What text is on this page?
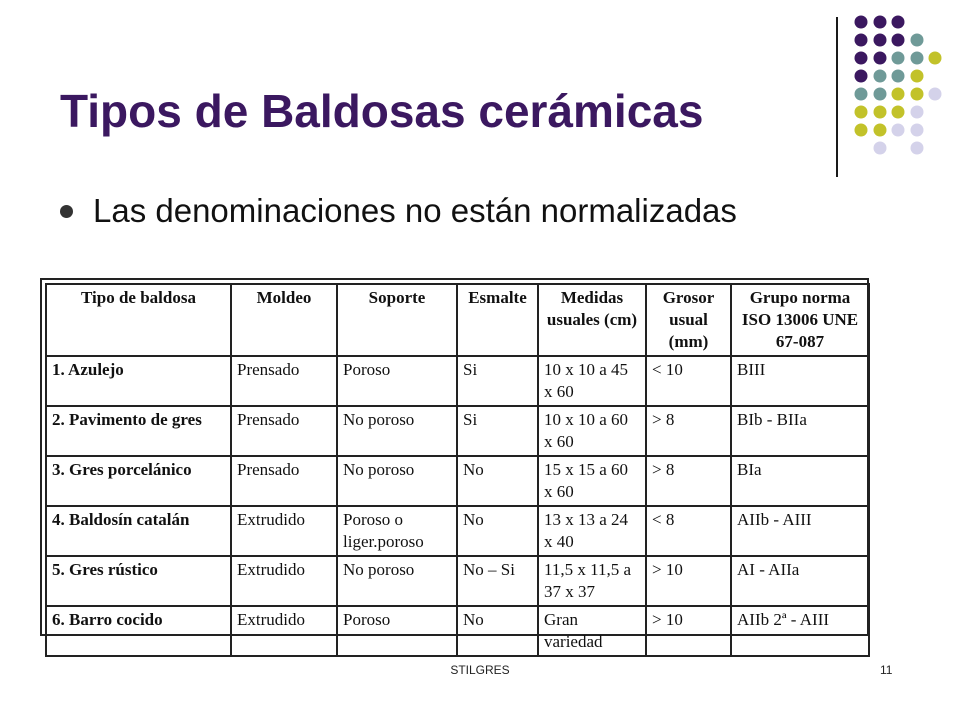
Tipos de Baldosas cerámicas
Las denominaciones no están normalizadas
Tipo de baldosa	Moldeo	Soporte	Esmalte	Medidas usuales (cm)	Grosor usual (mm)	Grupo norma ISO 13006 UNE 67-087
1. Azulejo	Prensado	Poroso	Si	10 x 10 a 45 x 60	< 10	BIII
2. Pavimento de gres	Prensado	No poroso	Si	10 x 10 a 60 x 60	> 8	BIb - BIIa
3. Gres porcelánico	Prensado	No poroso	No	15 x 15 a 60 x 60	> 8	BIa
4. Baldosín catalán	Extrudido	Poroso o liger.poroso	No	13 x 13 a 24 x 40	< 8	AIIb - AIII
5. Gres rústico	Extrudido	No poroso	No – Si	11,5 x 11,5 a 37 x 37	> 10	AI - AIIa
6. Barro cocido	Extrudido	Poroso	No	Gran variedad	> 10	AIIb 2ª - AIII
STILGRES	11
